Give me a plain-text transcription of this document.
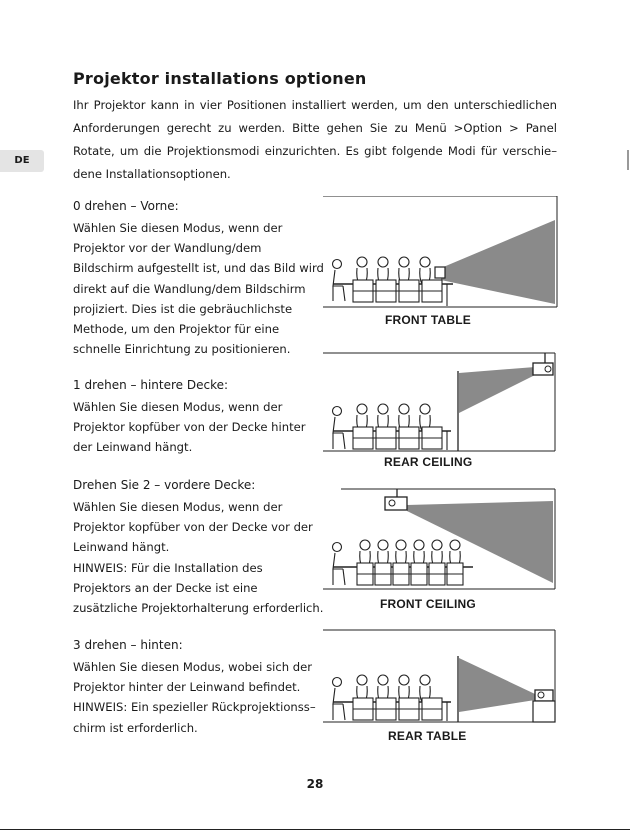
DE
Projektor installations optionen

Ihr Projektor kann in vier Positionen installiert werden, um den unterschiedlichen Anforderungen gerecht zu werden. Bitte gehen Sie zu Menü >Option > Panel Rotate, um die Projektionsmodi einzurichten. Es gibt folgende Modi für verschie– dene Installationsoptionen.

0 drehen – Vorne:
Wählen Sie diesen Modus, wenn der
Projektor vor der Wandlung/dem
Bildschirm aufgestellt ist, und das Bild wird
direkt auf die Wandlung/dem Bildschirm
projiziert. Dies ist die gebräuchlichste
Methode, um den Projektor für eine
schnelle Einrichtung zu positionieren.
1 drehen – hintere Decke:
Wählen Sie diesen Modus, wenn der
Projektor kopfüber von der Decke hinter
der Leinwand hängt.
Drehen Sie 2 – vordere Decke:
Wählen Sie diesen Modus, wenn der
Projektor kopfüber von der Decke vor der
Leinwand hängt.
HINWEIS: Für die Installation des
Projektors an der Decke ist eine
zusätzliche Projektorhalterung erforderlich.
3 drehen – hinten:
Wählen Sie diesen Modus, wobei sich der
Projektor hinter der Leinwand befindet.
HINWEIS: Ein spezieller Rückprojektionss–
chirm ist erforderlich.
FRONT TABLE
REAR CEILING
FRONT CEILING
REAR TABLE
28
